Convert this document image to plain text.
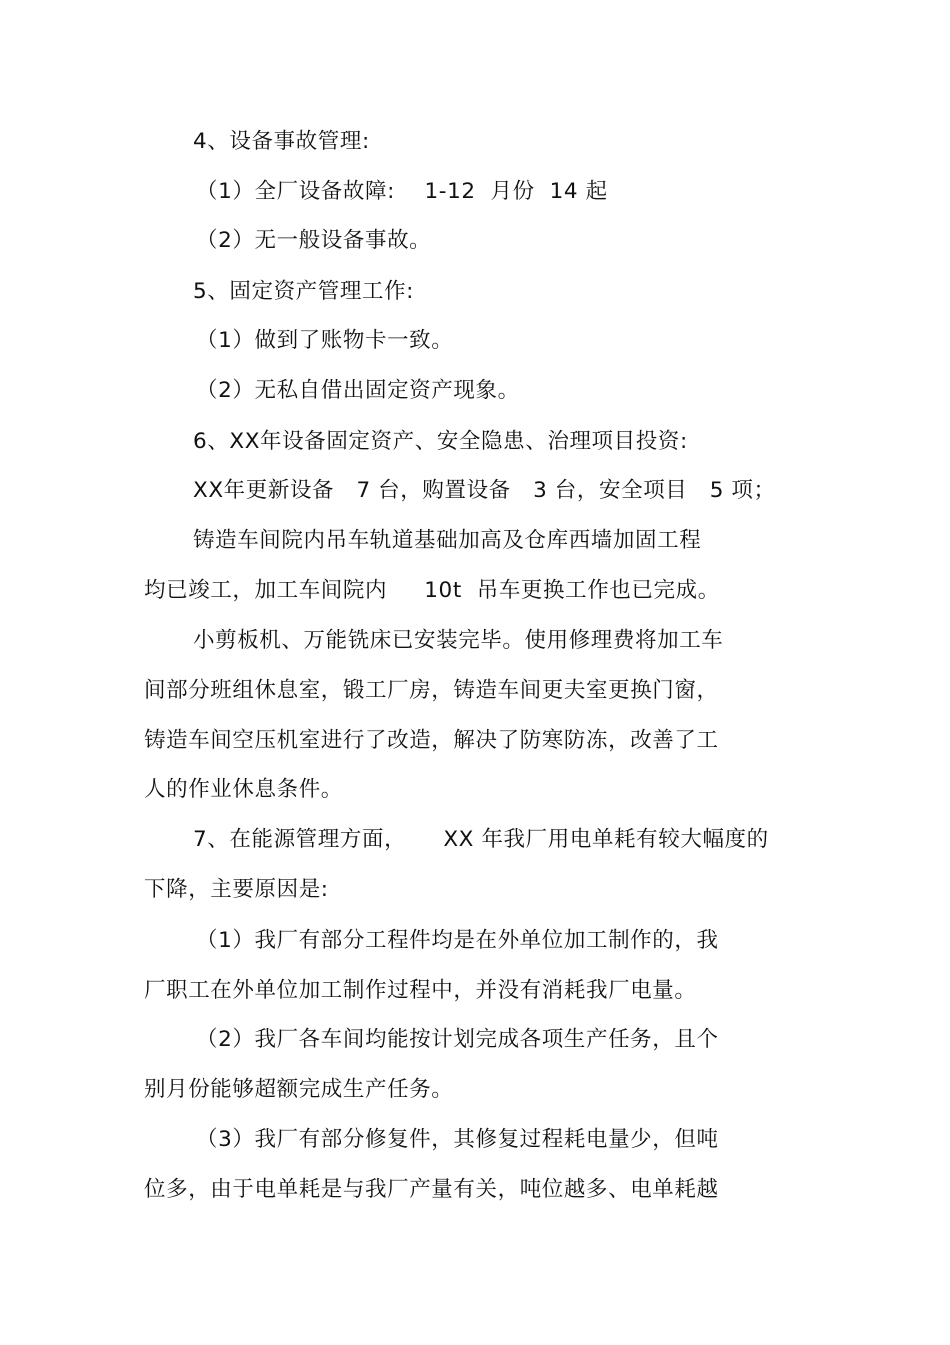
4、设备事故管理:
（1）全厂设备故障:　 1-12  月份  14 起
（2）无一般设备事故。
5、固定资产管理工作:
（1）做到了账物卡一致。
（2）无私自借出固定资产现象。
6、XX年设备固定资产、安全隐患、治理项目投资:
XX年更新设备   7 台，购置设备   3 台，安全项目   5 项；
铸造车间院内吊车轨道基础加高及仓库西墙加固工程
均已竣工，加工车间院内     10t  吊车更换工作也已完成。
小剪板机、万能铣床已安装完毕。使用修理费将加工车
间部分班组休息室，锻工厂房，铸造车间更夫室更换门窗，
铸造车间空压机室进行了改造，解决了防寒防冻，改善了工
人的作业休息条件。
7、在能源管理方面，     XX 年我厂用电单耗有较大幅度的
下降，主要原因是:
（1）我厂有部分工程件均是在外单位加工制作的，我
厂职工在外单位加工制作过程中，并没有消耗我厂电量。
（2）我厂各车间均能按计划完成各项生产任务，且个
别月份能够超额完成生产任务。
（3）我厂有部分修复件，其修复过程耗电量少，但吨
位多，由于电单耗是与我厂产量有关，吨位越多、电单耗越
